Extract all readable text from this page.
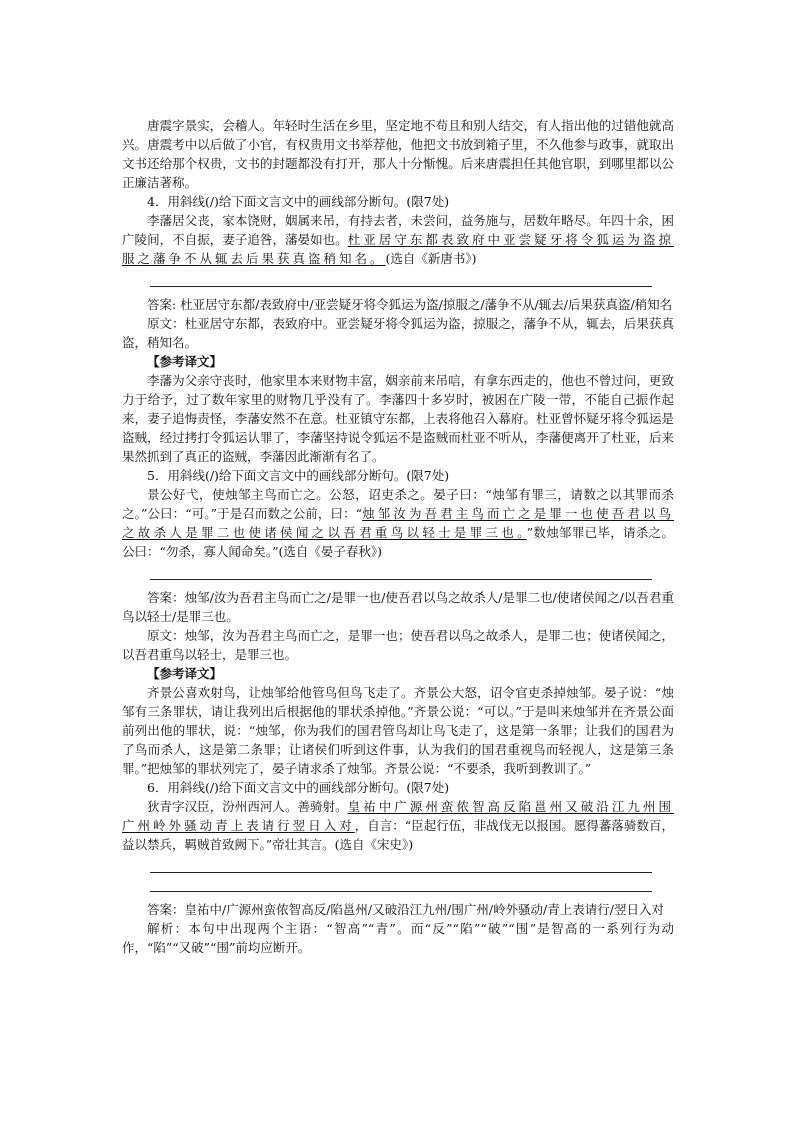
唐震字景实，会稽人。年轻时生活在乡里，坚定地不苟且和别人结交，有人指出他的过错他就高兴。唐震考中以后做了小官，有权贵用文书举荐他，他把文书放到箱子里，不久他参与政事，就取出文书还给那个权贵，文书的封题都没有打开，那人十分惭愧。后来唐震担任其他官职，到哪里都以公正廉洁著称。

4．用斜线(/)给下面文言文中的画线部分断句。(限7处)

李藩居父丧，家本饶财，姻属来吊，有持去者，未尝问，益务施与，居数年略尽。年四十余，困广陵间，不自振，妻子追咎，藩晏如也。杜亚居守东都表致府中亚尝疑牙将令狐运为盗掠服之藩争不从辄去后果获真盗稍知名。(选自《新唐书》)

答案: 杜亚居守东都/表致府中/亚尝疑牙将令狐运为盗/掠服之/藩争不从/辄去/后果获真盗/稍知名

原文：杜亚居守东都，表致府中。亚尝疑牙将令狐运为盗，掠服之，藩争不从，辄去，后果获真盗，稍知名。

【参考译文】

李藩为父亲守丧时，他家里本来财物丰富，姻亲前来吊唁，有拿东西走的，他也不曾过问，更致力于给予，过了数年家里的财物几乎没有了。李藩四十多岁时，被困在广陵一带，不能自己振作起来，妻子追悔责怪，李藩安然不在意。杜亚镇守东都，上表将他召入幕府。杜亚曾怀疑牙将令狐运是盗贼，经过拷打令狐运认罪了，李藩坚持说令狐运不是盗贼而杜亚不听从，李藩便离开了杜亚，后来果然抓到了真正的盗贼，李藩因此渐渐有名了。

5．用斜线(/)给下面文言文中的画线部分断句。(限7处)

景公好弋，使烛邹主鸟而亡之。公怒，诏吏杀之。晏子曰：“烛邹有罪三，请数之以其罪而杀之。”公曰：“可。”于是召而数之公前，曰：“烛邹汝为吾君主鸟而亡之是罪一也使吾君以鸟之故杀人是罪二也使诸侯闻之以吾君重鸟以轻士是罪三也。”数烛邹罪已毕，请杀之。公曰：“勿杀，寡人闻命矣。”(选自《晏子春秋》)

答案：烛邹/汝为吾君主鸟而亡之/是罪一也/使吾君以鸟之故杀人/是罪二也/使诸侯闻之/以吾君重鸟以轻士/是罪三也。

原文：烛邹，汝为吾君主鸟而亡之，是罪一也；使吾君以鸟之故杀人，是罪二也；使诸侯闻之，以吾君重鸟以轻士，是罪三也。

【参考译文】

齐景公喜欢射鸟，让烛邹给他管鸟但鸟飞走了。齐景公大怒，诏令官吏杀掉烛邹。晏子说：“烛邹有三条罪状，请让我列出后根据他的罪状杀掉他。”齐景公说：“可以。”于是叫来烛邹并在齐景公面前列出他的罪状，说：“烛邹，你为我们的国君管鸟却让鸟飞走了，这是第一条罪；让我们的国君为了鸟而杀人，这是第二条罪；让诸侯们听到这件事，认为我们的国君重视鸟而轻视人，这是第三条罪。”把烛邹的罪状列完了，晏子请求杀了烛邹。齐景公说：“不要杀，我听到教训了。”

6．用斜线(/)给下面文言文中的画线部分断句。(限7处)

狄青字汉臣，汾州西河人。善骑射。皇祐中广源州蛮侬智高反陷邕州又破沿江九州围广州岭外骚动青上表请行翌日入对，自言：“臣起行伍，非战伐无以报国。愿得蕃落骑数百，益以禁兵，羁贼首致阙下。”帝壮其言。(选自《宋史》)

答案：皇祐中/广源州蛮侬智高反/陷邕州/又破沿江九州/围广州/岭外骚动/青上表请行/翌日入对

解析：本句中出现两个主语：“智高”“青”。而“反”“陷”“破”“围”是智高的一系列行为动作，“陷”“又破”“围”前均应断开。
